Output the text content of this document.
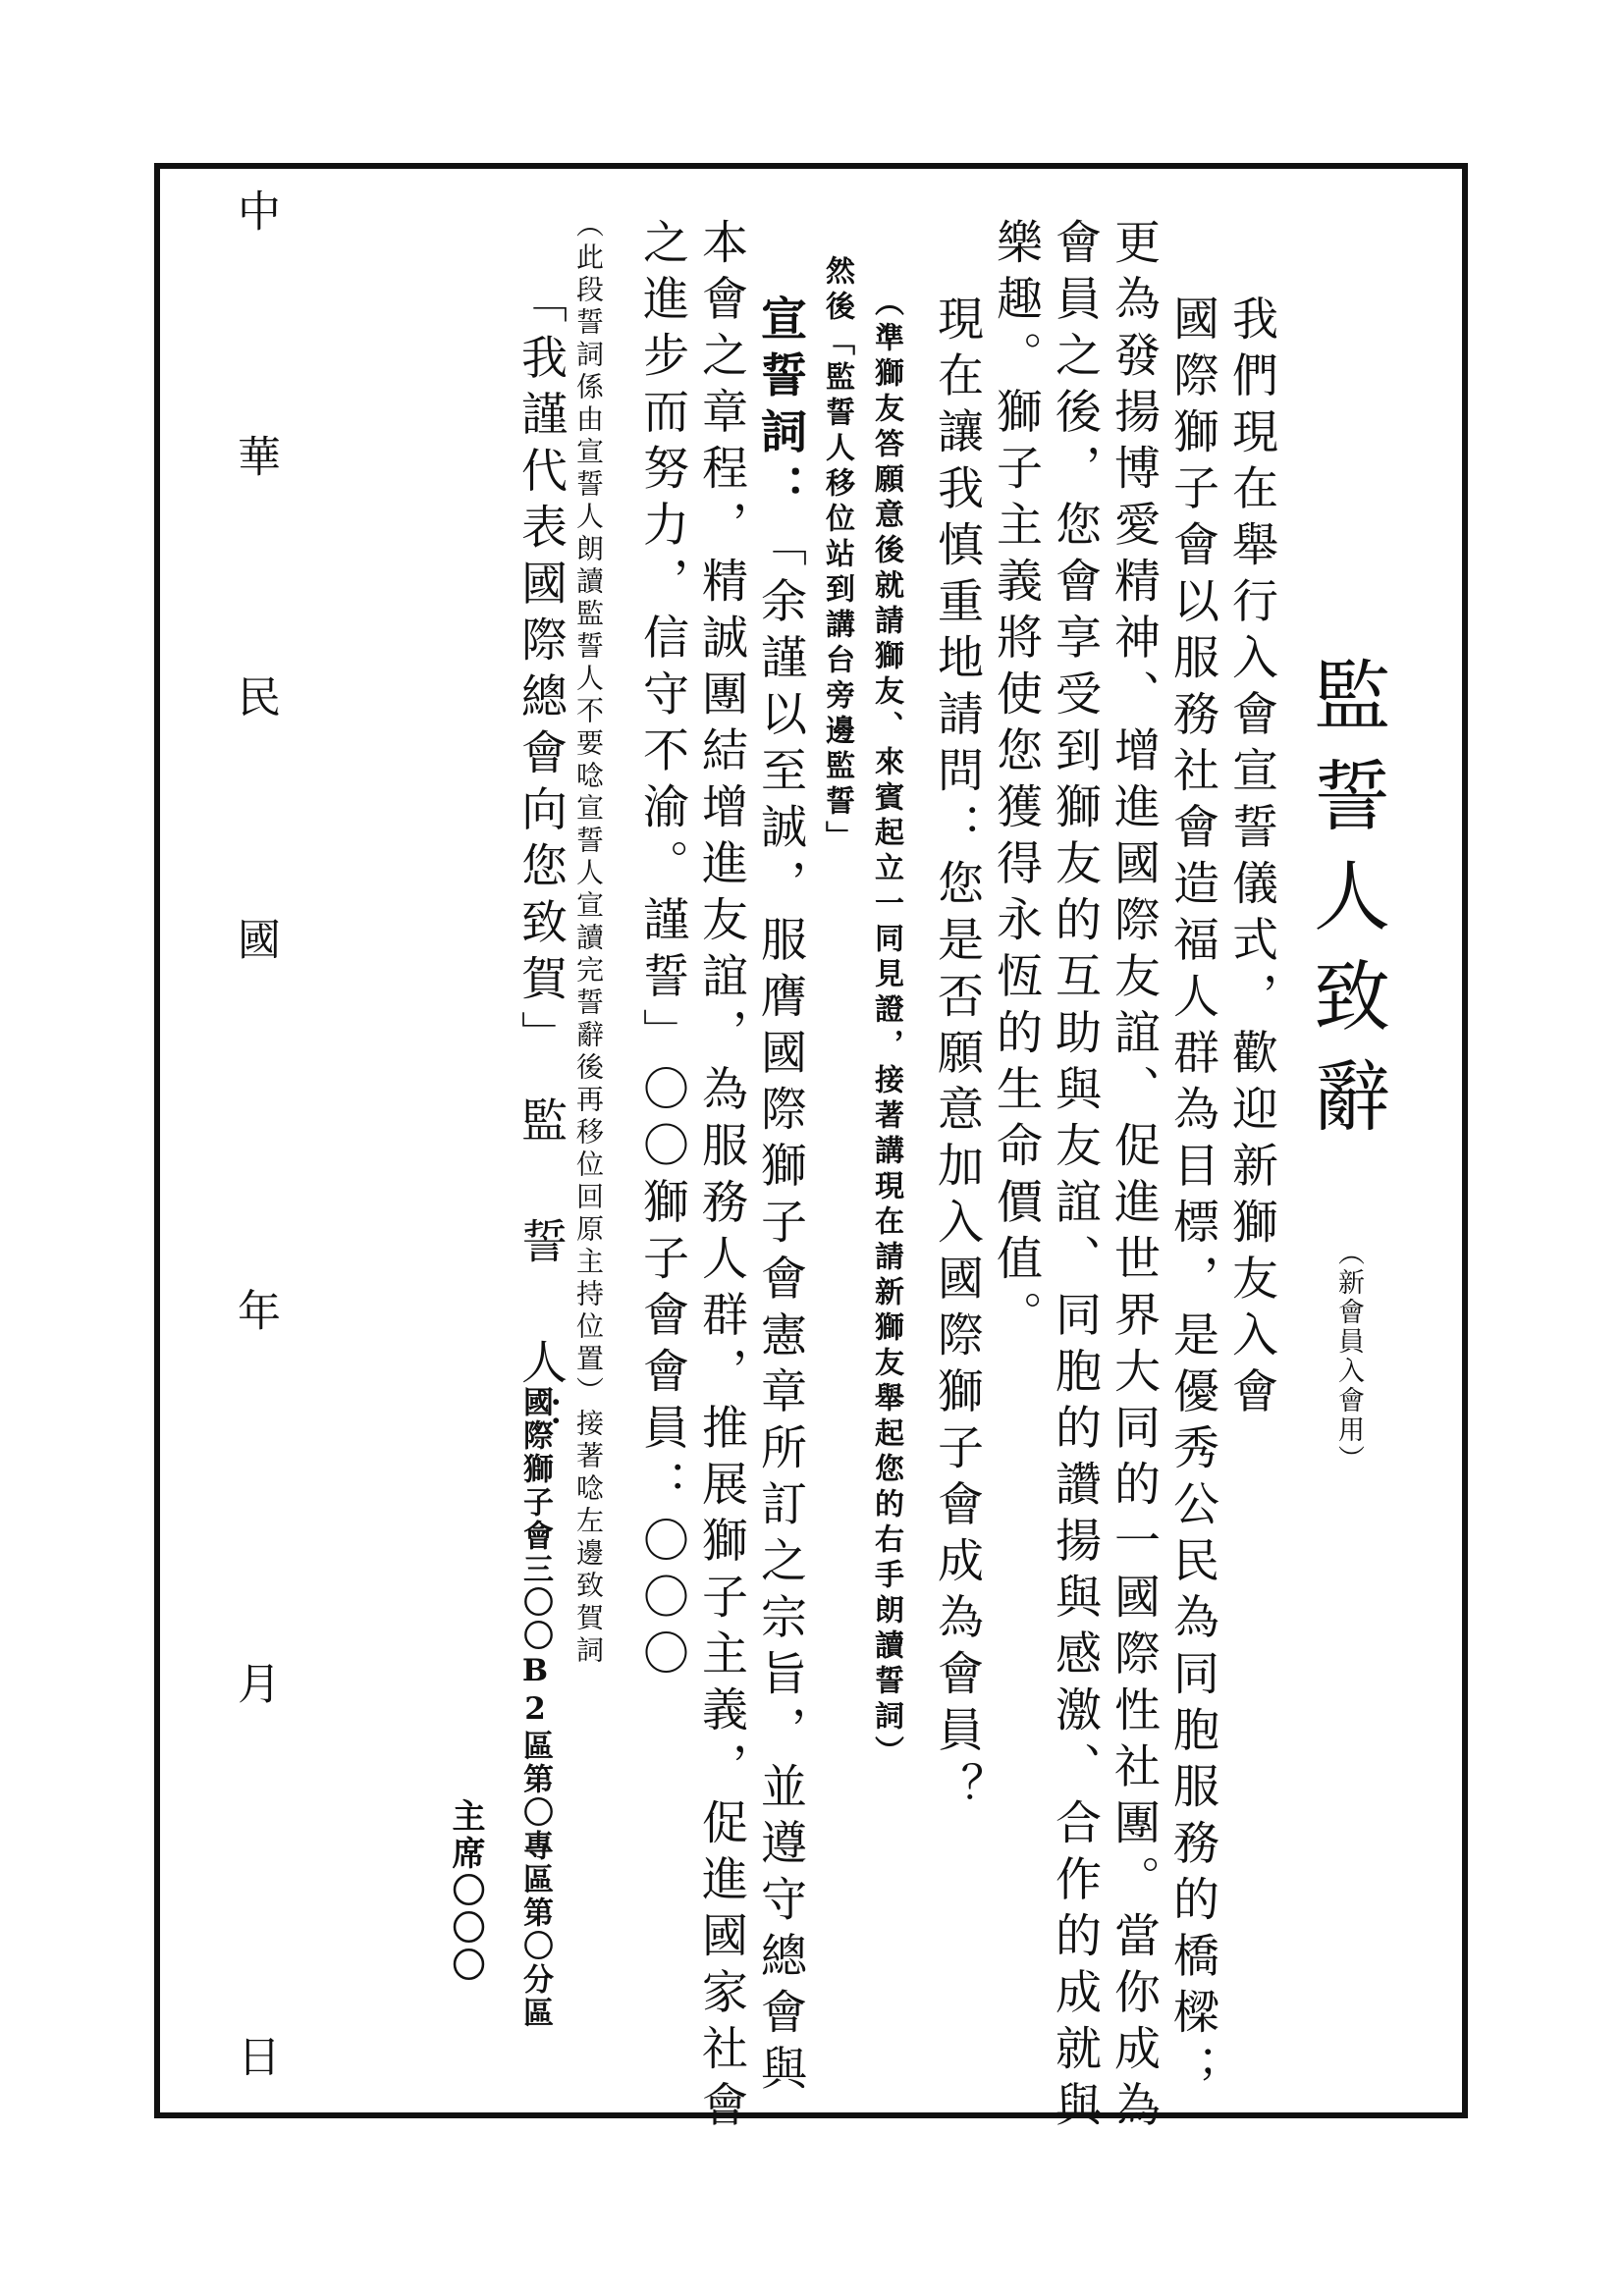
監誓人致辭
（新會員入會用）
我們現在舉行入會宣誓儀式，歡迎新獅友入會
國際獅子會以服務社會造福人群為目標，是優秀公民為同胞服務的橋樑；
更為發揚博愛精神、增進國際友誼、促進世界大同的一國際性社團。當你成為
會員之後，您會享受到獅友的互助與友誼、同胞的讚揚與感激、合作的成就與
樂趣。獅子主義將使您獲得永恆的生命價值。
現在讓我慎重地請問：您是否願意加入國際獅子會成為會員？
（準獅友答願意後就請獅友、來賓起立一同見證，接著講現在請新獅友舉起您的右手朗讀誓詞）
然後「監誓人移位站到講台旁邊監誓」
宣誓詞：「余謹以至誠，服膺國際獅子會憲章所訂之宗旨，並遵守總會與
本會之章程，精誠團結增進友誼，為服務人群，推展獅子主義，促進國家社會
之進步而努力，信守不渝。謹誓」〇〇獅子會會員：〇〇〇
（此段誓詞係由宣誓人朗讀監誓人不要唸宣誓人宣讀完誓辭後再移位回原主持位置）接著唸左邊致賀詞
「我謹代表國際總會向您致賀」監 誓 人：
國際獅子會三〇〇B2區第〇專區第〇分區
主席〇〇〇
中
華
民
國
年
月
日
